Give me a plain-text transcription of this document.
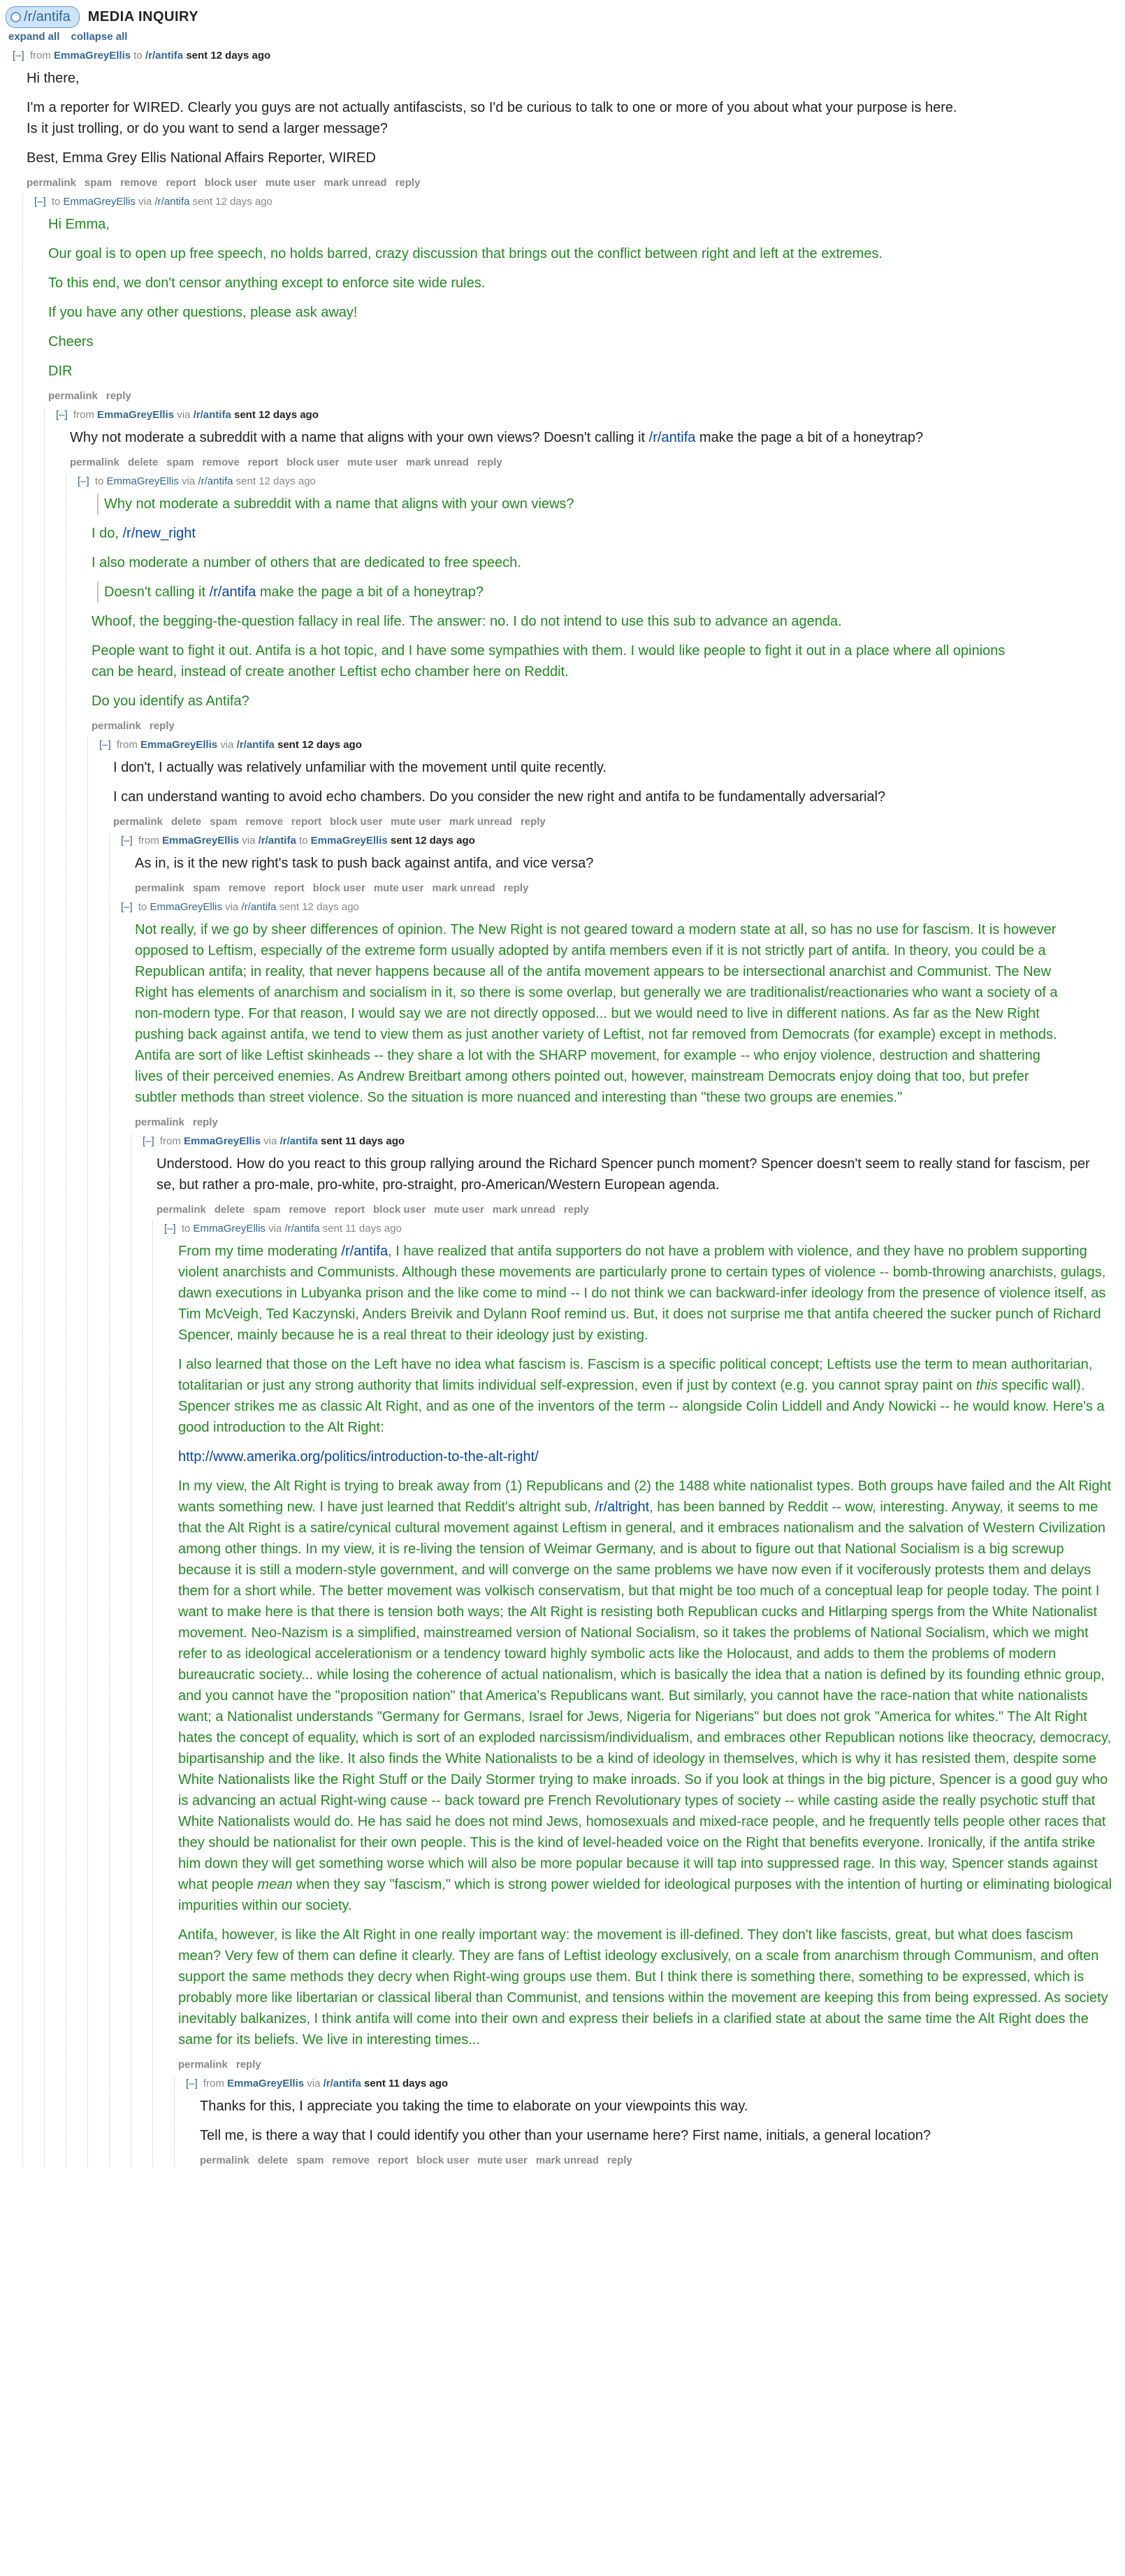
/r/antifa MEDIA INQUIRY
expand all collapse all
[–] from EmmaGreyEllis to /r/antifa sent 12 days ago

Hi there,

I'm a reporter for WIRED. Clearly you guys are not actually antifascists, so I'd be curious to talk to one or more of you about what your purpose is here. Is it just trolling, or do you want to send a larger message?

Best, Emma Grey Ellis National Affairs Reporter, WIRED

permalink spam remove report block user mute user mark unread reply
[–] to EmmaGreyEllis via /r/antifa sent 12 days ago

Hi Emma,

Our goal is to open up free speech, no holds barred, crazy discussion that brings out the conflict between right and left at the extremes.

To this end, we don't censor anything except to enforce site wide rules.

If you have any other questions, please ask away!

Cheers

DIR

permalink reply
[–] from EmmaGreyEllis via /r/antifa sent 12 days ago

Why not moderate a subreddit with a name that aligns with your own views? Doesn't calling it /r/antifa make the page a bit of a honeytrap?

permalink delete spam remove report block user mute user mark unread reply
[–] to EmmaGreyEllis via /r/antifa sent 12 days ago

Why not moderate a subreddit with a name that aligns with your own views?

I do, /r/new_right

I also moderate a number of others that are dedicated to free speech.

Doesn't calling it /r/antifa make the page a bit of a honeytrap?

Whoof, the begging-the-question fallacy in real life. The answer: no. I do not intend to use this sub to advance an agenda.

People want to fight it out. Antifa is a hot topic, and I have some sympathies with them. I would like people to fight it out in a place where all opinions can be heard, instead of create another Leftist echo chamber here on Reddit.

Do you identify as Antifa?

permalink reply
[–] from EmmaGreyEllis via /r/antifa sent 12 days ago

I don't, I actually was relatively unfamiliar with the movement until quite recently.

I can understand wanting to avoid echo chambers. Do you consider the new right and antifa to be fundamentally adversarial?

permalink delete spam remove report block user mute user mark unread reply
[–] from EmmaGreyEllis via /r/antifa to EmmaGreyEllis sent 12 days ago

As in, is it the new right's task to push back against antifa, and vice versa?

permalink spam remove report block user mute user mark unread reply
[–] to EmmaGreyEllis via /r/antifa sent 12 days ago

Not really, if we go by sheer differences of opinion. The New Right is not geared toward a modern state at all, so has no use for fascism. It is however opposed to Leftism, especially of the extreme form usually adopted by antifa members even if it is not strictly part of antifa. In theory, you could be a Republican antifa; in reality, that never happens because all of the antifa movement appears to be intersectional anarchist and Communist. The New Right has elements of anarchism and socialism in it, so there is some overlap, but generally we are traditionalist/reactionaries who want a society of a non-modern type. For that reason, I would say we are not directly opposed... but we would need to live in different nations. As far as the New Right pushing back against antifa, we tend to view them as just another variety of Leftist, not far removed from Democrats (for example) except in methods. Antifa are sort of like Leftist skinheads -- they share a lot with the SHARP movement, for example -- who enjoy violence, destruction and shattering lives of their perceived enemies. As Andrew Breitbart among others pointed out, however, mainstream Democrats enjoy doing that too, but prefer subtler methods than street violence. So the situation is more nuanced and interesting than "these two groups are enemies."

permalink reply
[–] from EmmaGreyEllis via /r/antifa sent 11 days ago

Understood. How do you react to this group rallying around the Richard Spencer punch moment? Spencer doesn't seem to really stand for fascism, per se, but rather a pro-male, pro-white, pro-straight, pro-American/Western European agenda.

permalink delete spam remove report block user mute user mark unread reply
[–] to EmmaGreyEllis via /r/antifa sent 11 days ago

From my time moderating /r/antifa, I have realized that antifa supporters do not have a problem with violence, and they have no problem supporting violent anarchists and Communists. Although these movements are particularly prone to certain types of violence -- bomb-throwing anarchists, gulags, dawn executions in Lubyanka prison and the like come to mind -- I do not think we can backward-infer ideology from the presence of violence itself, as Tim McVeigh, Ted Kaczynski, Anders Breivik and Dylann Roof remind us. But, it does not surprise me that antifa cheered the sucker punch of Richard Spencer, mainly because he is a real threat to their ideology just by existing.

I also learned that those on the Left have no idea what fascism is. Fascism is a specific political concept; Leftists use the term to mean authoritarian, totalitarian or just any strong authority that limits individual self-expression, even if just by context (e.g. you cannot spray paint on this specific wall). Spencer strikes me as classic Alt Right, and as one of the inventors of the term -- alongside Colin Liddell and Andy Nowicki -- he would know. Here's a good introduction to the Alt Right:

http://www.amerika.org/politics/introduction-to-the-alt-right/

In my view, the Alt Right is trying to break away from (1) Republicans and (2) the 1488 white nationalist types. Both groups have failed and the Alt Right wants something new. I have just learned that Reddit's altright sub, /r/altright, has been banned by Reddit -- wow, interesting. Anyway, it seems to me that the Alt Right is a satire/cynical cultural movement against Leftism in general, and it embraces nationalism and the salvation of Western Civilization among other things. In my view, it is re-living the tension of Weimar Germany, and is about to figure out that National Socialism is a big screwup because it is still a modern-style government, and will converge on the same problems we have now even if it vociferously protests them and delays them for a short while. The better movement was volkisch conservatism, but that might be too much of a conceptual leap for people today. The point I want to make here is that there is tension both ways; the Alt Right is resisting both Republican cucks and Hitlarping spergs from the White Nationalist movement. Neo-Nazism is a simplified, mainstreamed version of National Socialism, so it takes the problems of National Socialism, which we might refer to as ideological accelerationism or a tendency toward highly symbolic acts like the Holocaust, and adds to them the problems of modern bureaucratic society... while losing the coherence of actual nationalism, which is basically the idea that a nation is defined by its founding ethnic group, and you cannot have the "proposition nation" that America's Republicans want. But similarly, you cannot have the race-nation that white nationalists want; a Nationalist understands "Germany for Germans, Israel for Jews, Nigeria for Nigerians" but does not grok "America for whites." The Alt Right hates the concept of equality, which is sort of an exploded narcissism/individualism, and embraces other Republican notions like theocracy, democracy, bipartisanship and the like. It also finds the White Nationalists to be a kind of ideology in themselves, which is why it has resisted them, despite some White Nationalists like the Right Stuff or the Daily Stormer trying to make inroads. So if you look at things in the big picture, Spencer is a good guy who is advancing an actual Right-wing cause -- back toward pre French Revolutionary types of society -- while casting aside the really psychotic stuff that White Nationalists would do. He has said he does not mind Jews, homosexuals and mixed-race people, and he frequently tells people other races that they should be nationalist for their own people. This is the kind of level-headed voice on the Right that benefits everyone. Ironically, if the antifa strike him down they will get something worse which will also be more popular because it will tap into suppressed rage. In this way, Spencer stands against what people mean when they say "fascism," which is strong power wielded for ideological purposes with the intention of hurting or eliminating biological impurities within our society.

Antifa, however, is like the Alt Right in one really important way: the movement is ill-defined. They don't like fascists, great, but what does fascism mean? Very few of them can define it clearly. They are fans of Leftist ideology exclusively, on a scale from anarchism through Communism, and often support the same methods they decry when Right-wing groups use them. But I think there is something there, something to be expressed, which is probably more like libertarian or classical liberal than Communist, and tensions within the movement are keeping this from being expressed. As society inevitably balkanizes, I think antifa will come into their own and express their beliefs in a clarified state at about the same time the Alt Right does the same for its beliefs. We live in interesting times...

permalink reply
[–] from EmmaGreyEllis via /r/antifa sent 11 days ago

Thanks for this, I appreciate you taking the time to elaborate on your viewpoints this way.

Tell me, is there a way that I could identify you other than your username here? First name, initials, a general location?

permalink delete spam remove report block user mute user mark unread reply
